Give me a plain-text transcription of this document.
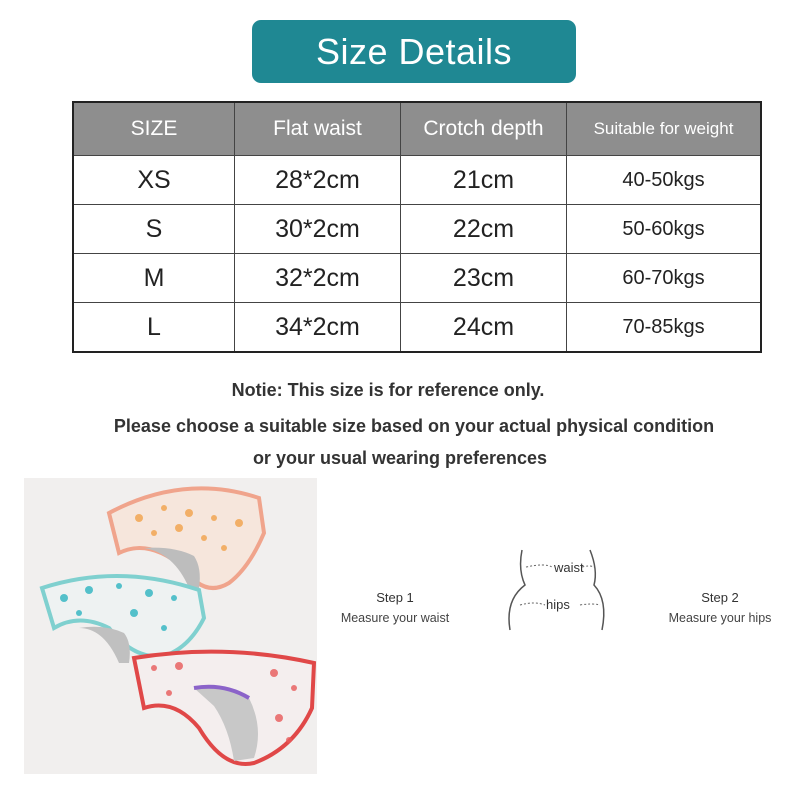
Size Details
SIZE	Flat waist	Crotch depth	Suitable for weight
XS	28*2cm	21cm	40-50kgs
S	30*2cm	22cm	50-60kgs
M	32*2cm	23cm	60-70kgs
L	34*2cm	24cm	70-85kgs
Notie: This size is for reference only.
Please choose a suitable size based on your actual physical condition
or your usual wearing preferences
Step 1
Measure your waist
waist
hips	Step 2
Measure your hips
